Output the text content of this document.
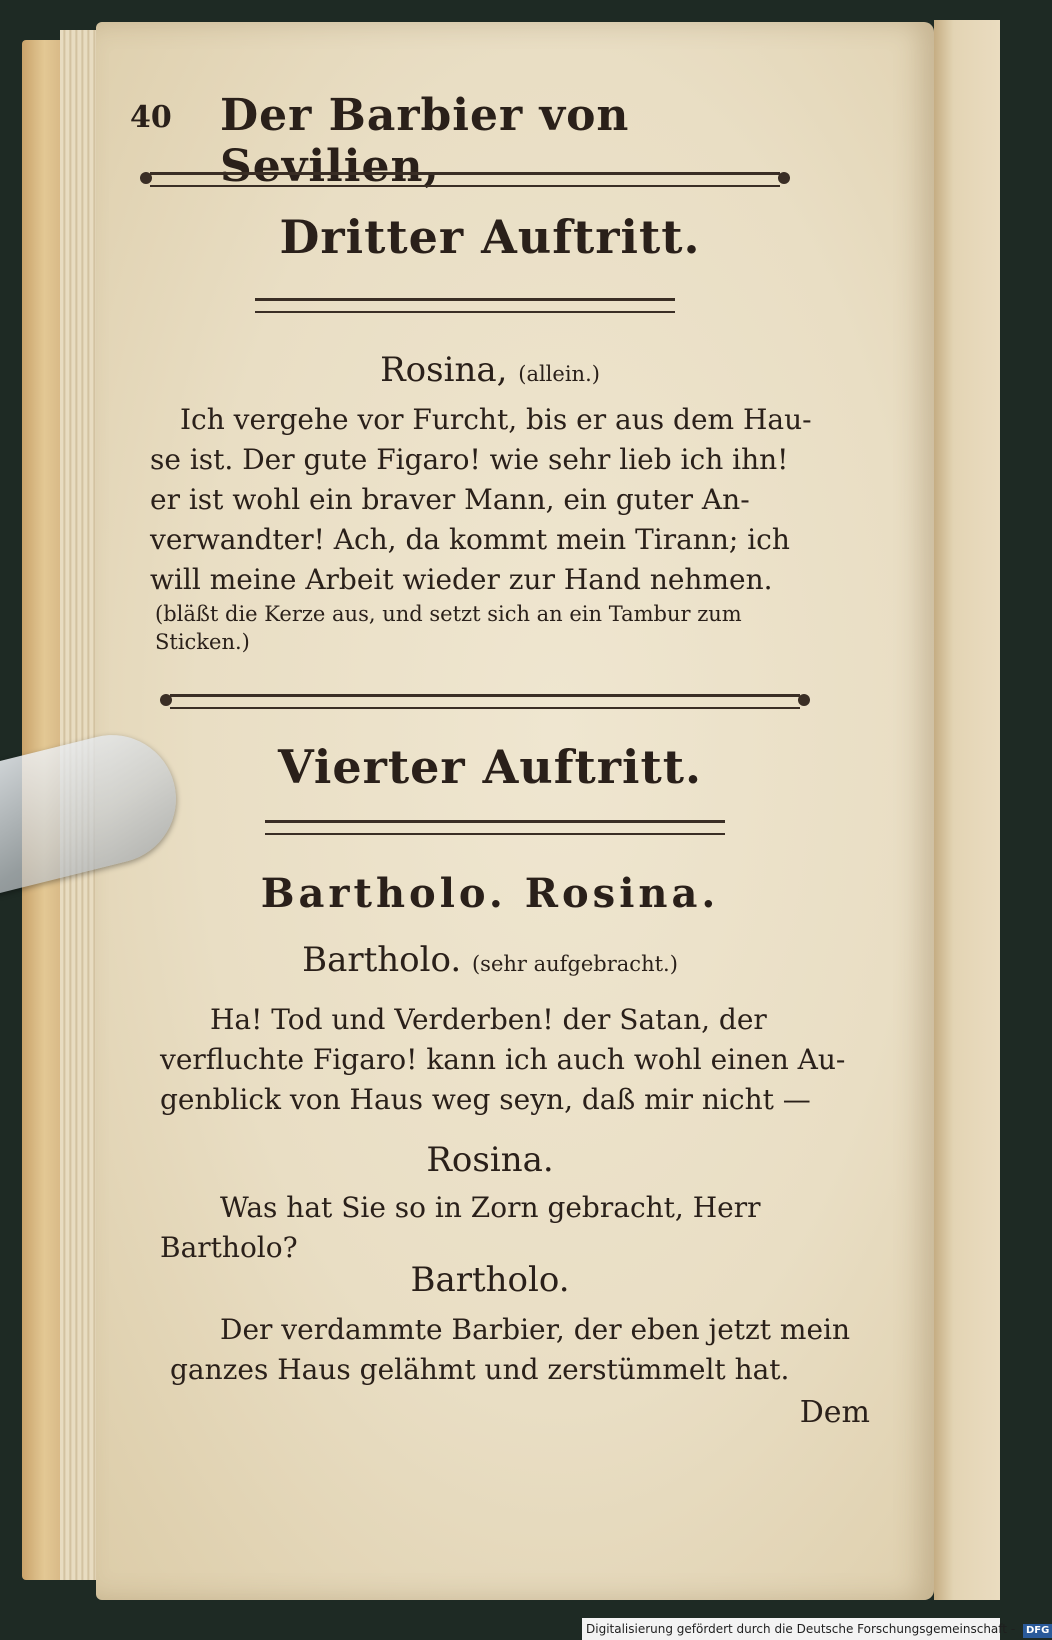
40 Der Barbier von Sevilien,
Dritter Auftritt.
Rosina, (allein.)
Ich vergehe vor Furcht, bis er aus dem Hau-
se ist. Der gute Figaro! wie sehr lieb ich ihn!
er ist wohl ein braver Mann, ein guter An-
verwandter! Ach, da kommt mein Tirann; ich
will meine Arbeit wieder zur Hand nehmen.
(bläßt die Kerze aus, und setzt sich an ein Tambur zum
Sticken.)
Vierter Auftritt.
Bartholo. Rosina.
Bartholo. (sehr aufgebracht.)
Ha! Tod und Verderben! der Satan, der
verfluchte Figaro! kann ich auch wohl einen Au-
genblick von Haus weg seyn, daß mir nicht —
Rosina.
Was hat Sie so in Zorn gebracht, Herr
Bartholo?
Bartholo.
Der verdammte Barbier, der eben jetzt mein
ganzes Haus gelähmt und zerstümmelt hat.
Dem
Digitalisierung gefördert durch die Deutsche Forschungsgemeinschaft - DFG
